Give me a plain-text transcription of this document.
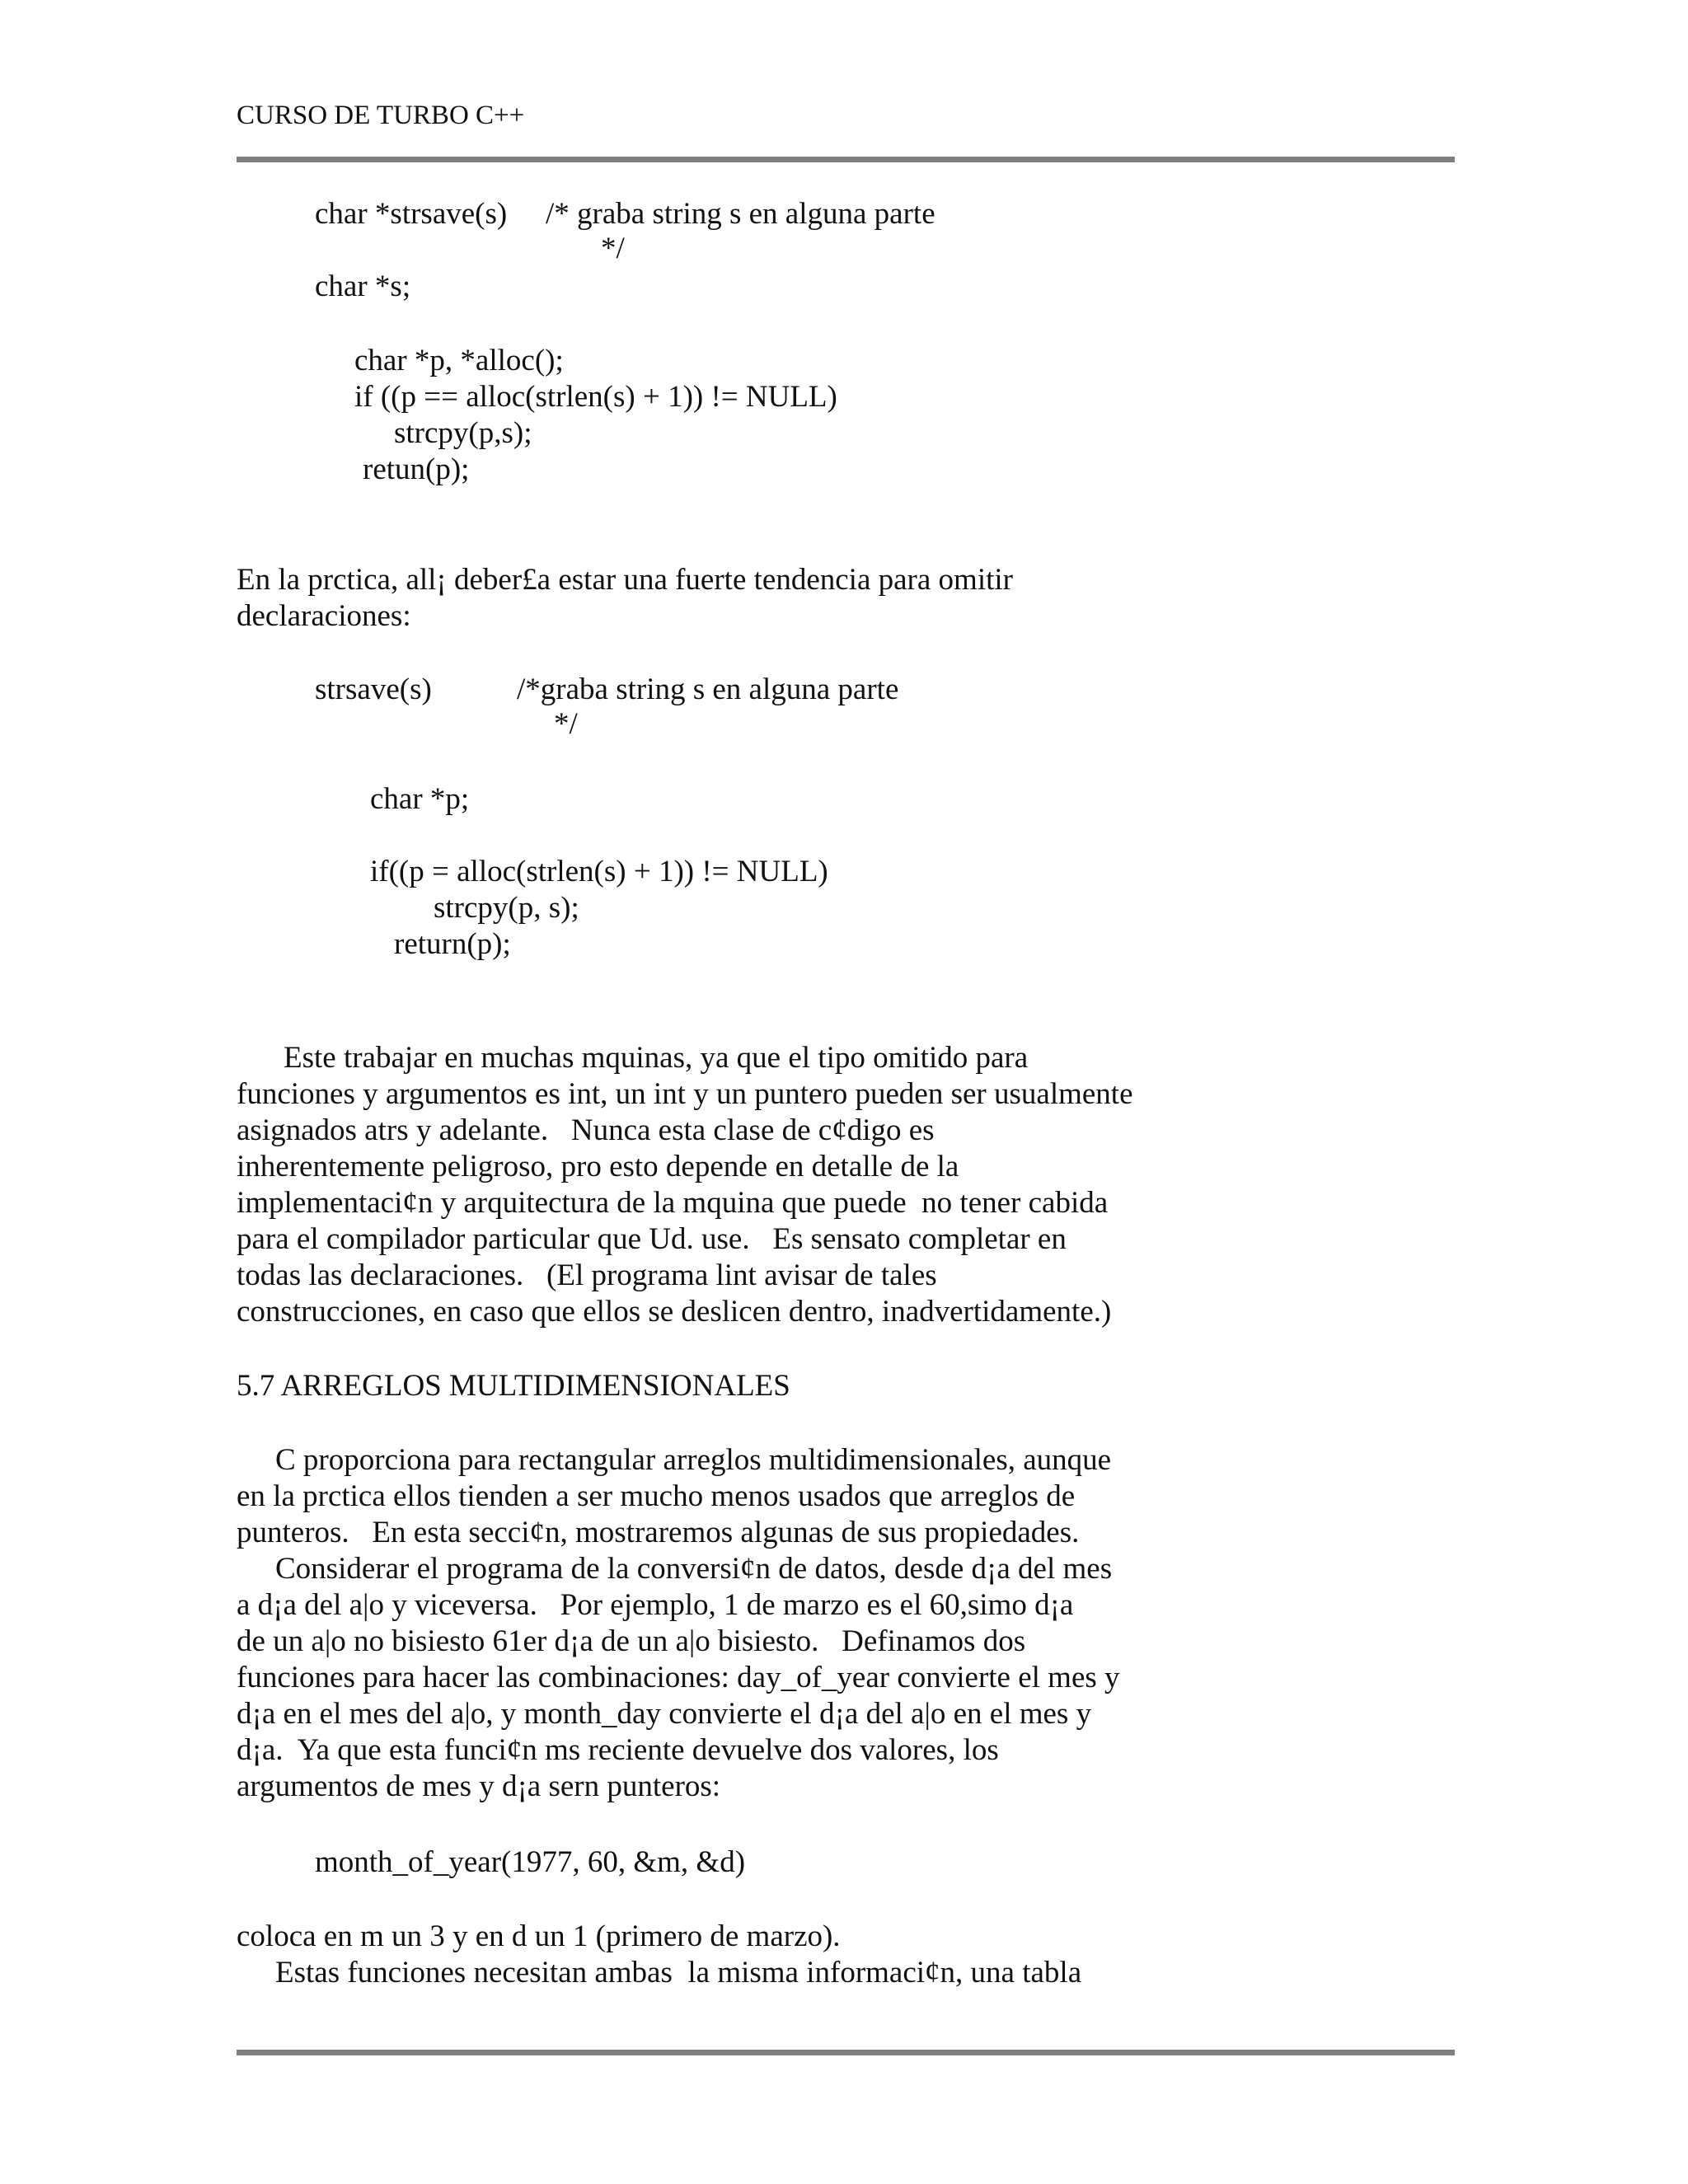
CURSO DE TURBO C++
char *strsave(s) /* graba string s en alguna parte
*/
char *s;
char *p, *alloc();
if ((p == alloc(strlen(s) + 1)) != NULL)
strcpy(p,s);
retun(p);
En la prctica, all¡ deber£a estar una fuerte tendencia para omitir
declaraciones:
strsave(s)	/*graba string s en alguna parte
*/
char *p;
if((p = alloc(strlen(s) + 1)) != NULL)
strcpy(p, s);
return(p);
Este trabajar en muchas mquinas, ya que el tipo omitido para
funciones y argumentos es int, un int y un puntero pueden ser usualmente
asignados atrs y adelante.   Nunca esta clase de c¢digo es
inherentemente peligroso, pro esto depende en detalle de la
implementaci¢n y arquitectura de la mquina que puede  no tener cabida
para el compilador particular que Ud. use.   Es sensato completar en
todas las declaraciones.   (El programa lint avisar de tales
construcciones, en caso que ellos se deslicen dentro, inadvertidamente.)
5.7 ARREGLOS MULTIDIMENSIONALES
C proporciona para rectangular arreglos multidimensionales, aunque
en la prctica ellos tienden a ser mucho menos usados que arreglos de
punteros.   En esta secci¢n, mostraremos algunas de sus propiedades.
Considerar el programa de la conversi¢n de datos, desde d¡a del mes
a d¡a del a|o y viceversa.   Por ejemplo, 1 de marzo es el 60,simo d¡a
de un a|o no bisiesto 61er d¡a de un a|o bisiesto.   Definamos dos
funciones para hacer las combinaciones: day_of_year convierte el mes y
d¡a en el mes del a|o, y month_day convierte el d¡a del a|o en el mes y
d¡a.  Ya que esta funci¢n ms reciente devuelve dos valores, los
argumentos de mes y d¡a sern punteros:
month_of_year(1977, 60, &m, &d)
coloca en m un 3 y en d un 1 (primero de marzo).
Estas funciones necesitan ambas  la misma informaci¢n, una tabla
